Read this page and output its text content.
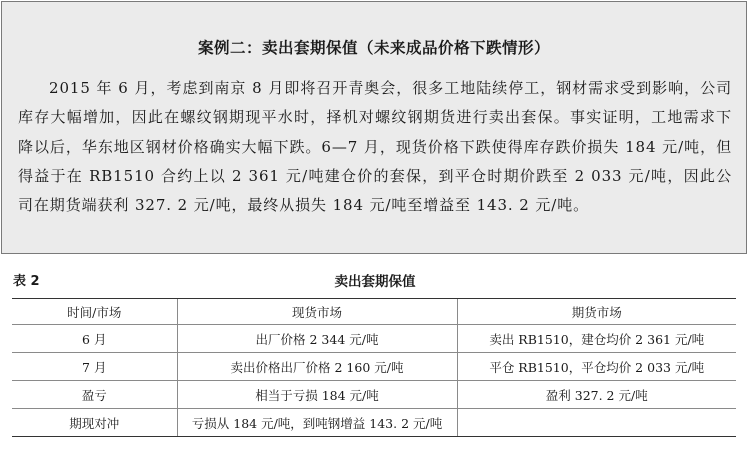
案例二：卖出套期保值（未来成品价格下跌情形）

2015 年 6 月，考虑到南京 8 月即将召开青奥会，很多工地陆续停工，钢材需求受到影响，公司库存大幅增加，因此在螺纹钢期现平水时，择机对螺纹钢期货进行卖出套保。事实证明，工地需求下降以后，华东地区钢材价格确实大幅下跌。6—7 月，现货价格下跌使得库存跌价损失 184 元/吨，但得益于在 RB1510 合约上以 2 361 元/吨建仓价的套保，到平仓时期价跌至 2 033 元/吨，因此公司在期货端获利 327. 2 元/吨，最终从损失 184 元/吨至增益至 143. 2 元/吨。

表 2	卖出套期保值
时间/市场	现货市场	期货市场
6 月	出厂价格 2 344 元/吨	卖出 RB1510，建仓均价 2 361 元/吨
7 月	卖出价格出厂价格 2 160 元/吨	平仓 RB1510，平仓均价 2 033 元/吨
盈亏	相当于亏损 184 元/吨	盈利 327. 2 元/吨
期现对冲	亏损从 184 元/吨，到吨钢增益 143. 2 元/吨	
